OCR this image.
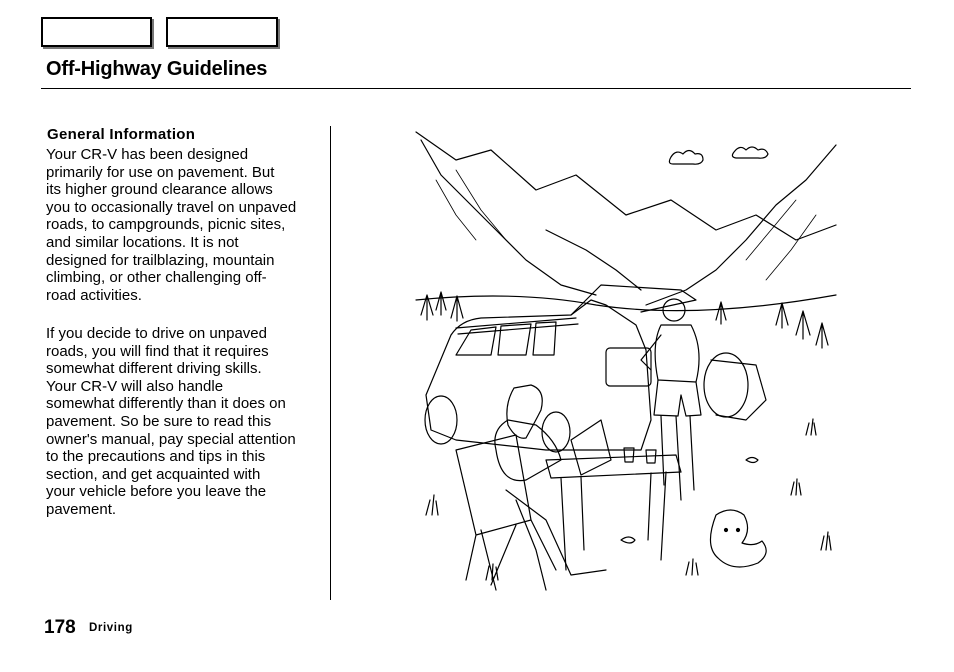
Off-Highway Guidelines
General Information
Your CR-V has been designed
primarily for use on pavement. But
its higher ground clearance allows
you to occasionally travel on unpaved
roads, to campgrounds, picnic sites,
and similar locations. It is not
designed for trailblazing, mountain
climbing, or other challenging off-
road activities.
If you decide to drive on unpaved
roads, you will find that it requires
somewhat different driving skills.
Your CR-V will also handle
somewhat differently than it does on
pavement. So be sure to read this
owner's manual, pay special attention
to the precautions and tips in this
section, and get acquainted with
your vehicle before you leave the
pavement.
178 Driving
